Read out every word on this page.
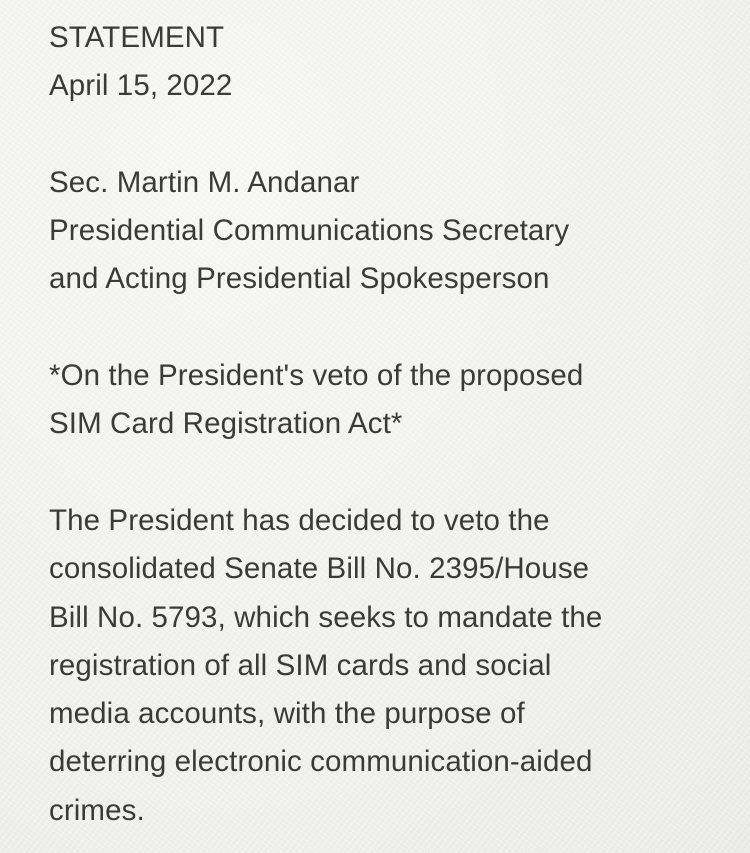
STATEMENT
April 15, 2022
Sec. Martin M. Andanar
Presidential Communications Secretary
and Acting Presidential Spokesperson
*On the President's veto of the proposed
SIM Card Registration Act*
The President has decided to veto the
consolidated Senate Bill No. 2395/House
Bill No. 5793, which seeks to mandate the
registration of all SIM cards and social
media accounts, with the purpose of
deterring electronic communication-aided
crimes.
